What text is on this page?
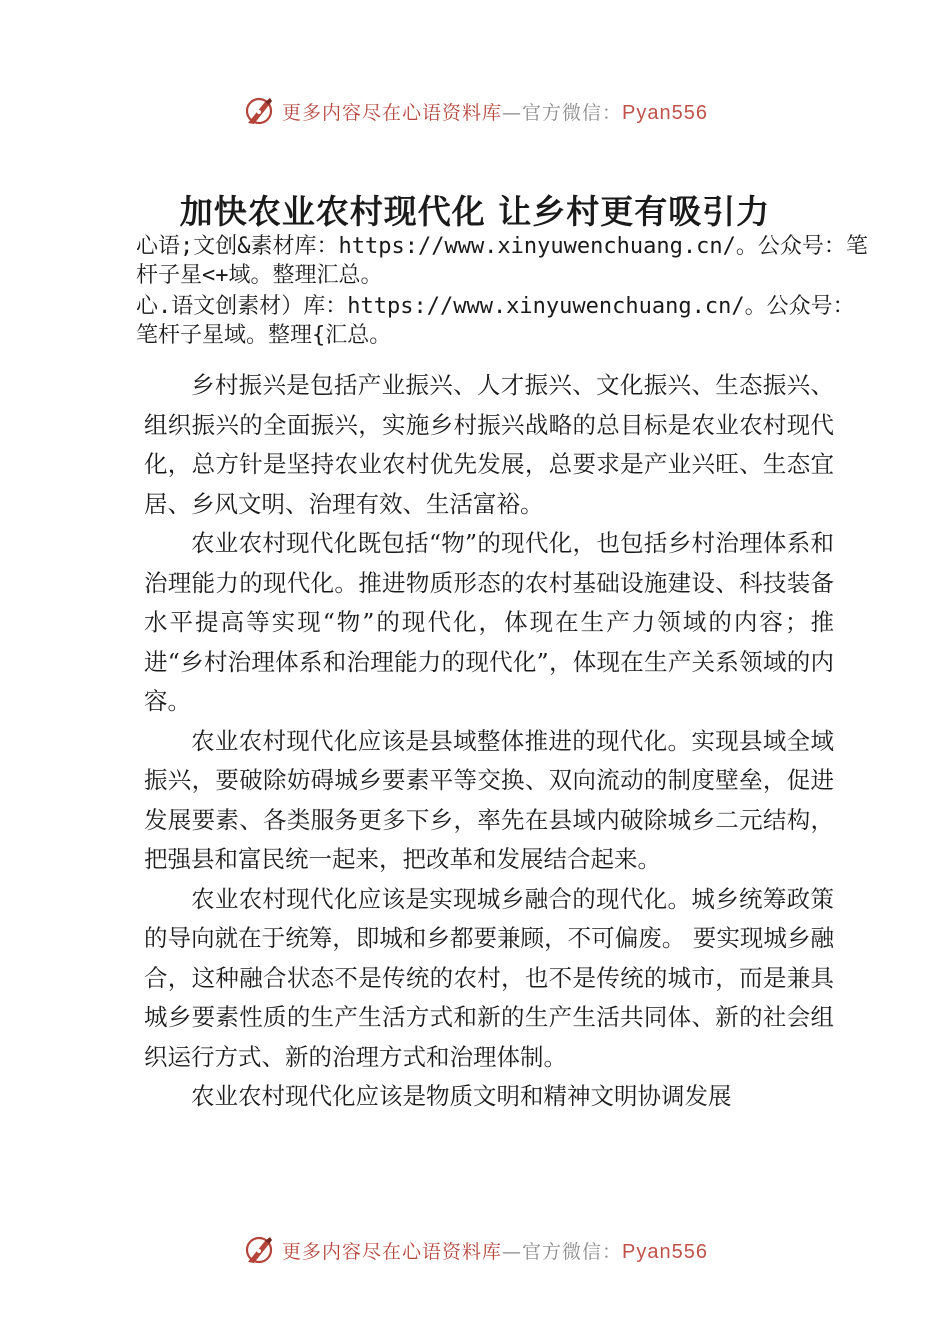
更多内容尽在心语资料库—官方微信：Pyan556
加快农业农村现代化 让乡村更有吸引力

心语;文创&素材库：https://www.xinyuwenchuang.cn/。公众号：笔杆子星<+域。整理汇总。

心.语文创素材）库：https://www.xinyuwenchuang.cn/。公众号：笔杆子星域。整理{汇总。

乡村振兴是包括产业振兴、人才振兴、文化振兴、生态振兴、组织振兴的全面振兴，实施乡村振兴战略的总目标是农业农村现代化，总方针是坚持农业农村优先发展，总要求是产业兴旺、生态宜居、乡风文明、治理有效、生活富裕。

农业农村现代化既包括“物”的现代化，也包括乡村治理体系和治理能力的现代化。推进物质形态的农村基础设施建设、科技装备水平提高等实现“物”的现代化，体现在生产力领域的内容；推进“乡村治理体系和治理能力的现代化”，体现在生产关系领域的内容。

农业农村现代化应该是县域整体推进的现代化。实现县域全域振兴，要破除妨碍城乡要素平等交换、双向流动的制度壁垒，促进发展要素、各类服务更多下乡，率先在县域内破除城乡二元结构，把强县和富民统一起来，把改革和发展结合起来。

农业农村现代化应该是实现城乡融合的现代化。城乡统筹政策的导向就在于统筹，即城和乡都要兼顾，不可偏废。 要实现城乡融合，这种融合状态不是传统的农村，也不是传统的城市，而是兼具城乡要素性质的生产生活方式和新的生产生活共同体、新的社会组织运行方式、新的治理方式和治理体制。

农业农村现代化应该是物质文明和精神文明协调发展

更多内容尽在心语资料库—官方微信：Pyan556
